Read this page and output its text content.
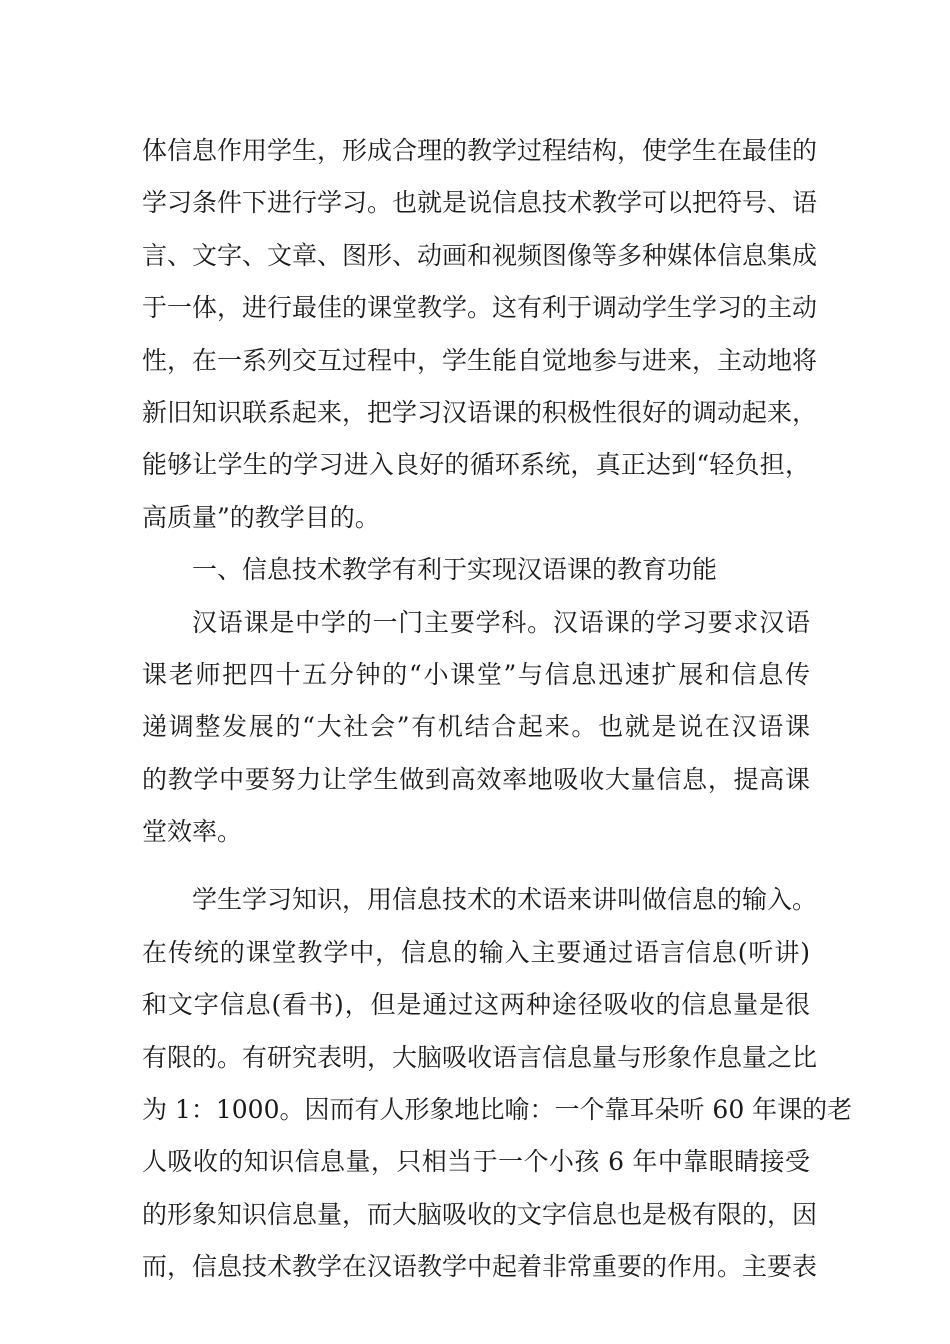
体信息作用学生，形成合理的教学过程结构，使学生在最佳的
学习条件下进行学习。也就是说信息技术教学可以把符号、语
言、文字、文章、图形、动画和视频图像等多种媒体信息集成
于一体，进行最佳的课堂教学。这有利于调动学生学习的主动
性，在一系列交互过程中，学生能自觉地参与进来，主动地将
新旧知识联系起来，把学习汉语课的积极性很好的调动起来，
能够让学生的学习进入良好的循环系统，真正达到“轻负担，
高质量”的教学目的。
一、信息技术教学有利于实现汉语课的教育功能
汉语课是中学的一门主要学科。汉语课的学习要求汉语
课老师把四十五分钟的“小课堂”与信息迅速扩展和信息传
递调整发展的“大社会”有机结合起来。也就是说在汉语课
的教学中要努力让学生做到高效率地吸收大量信息，提高课
堂效率。
学生学习知识，用信息技术的术语来讲叫做信息的输入。
在传统的课堂教学中，信息的输入主要通过语言信息(听讲)
和文字信息(看书)，但是通过这两种途径吸收的信息量是很
有限的。有研究表明，大脑吸收语言信息量与形象作息量之比
为 1：1000。因而有人形象地比喻：一个靠耳朵听 60 年课的老
人吸收的知识信息量，只相当于一个小孩 6 年中靠眼睛接受
的形象知识信息量，而大脑吸收的文字信息也是极有限的，因
而，信息技术教学在汉语教学中起着非常重要的作用。主要表
